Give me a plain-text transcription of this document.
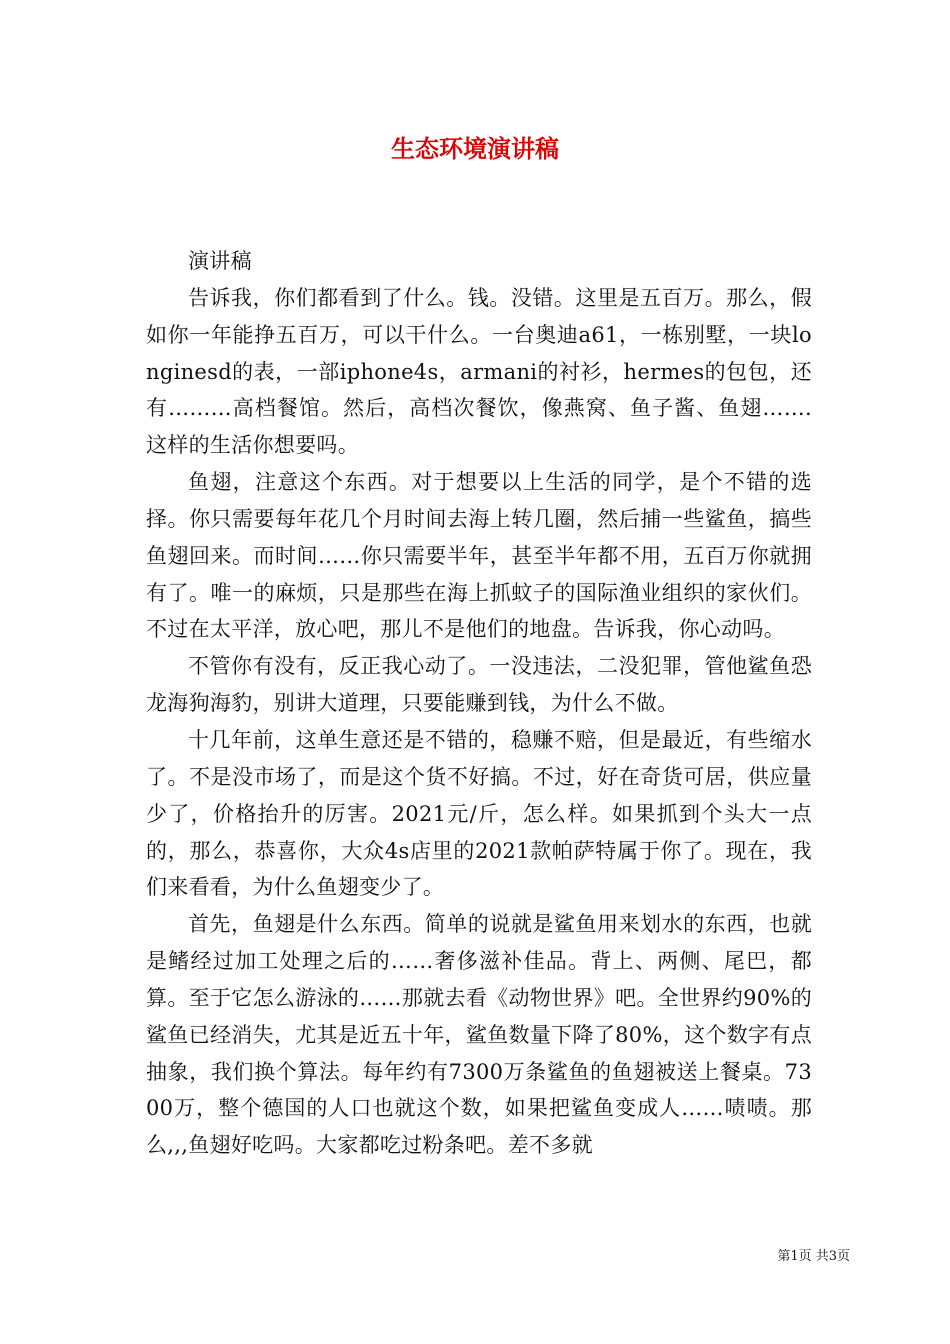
生态环境演讲稿

演讲稿

告诉我，你们都看到了什么。钱。没错。这里是五百万。那么，假如你一年能挣五百万，可以干什么。一台奥迪a61，一栋别墅，一块longinesd的表，一部iphone4s，armani的衬衫，hermes的包包，还有………高档餐馆。然后，高档次餐饮，像燕窝、鱼子酱、鱼翅…….这样的生活你想要吗。

鱼翅，注意这个东西。对于想要以上生活的同学，是个不错的选择。你只需要每年花几个月时间去海上转几圈，然后捕一些鲨鱼，搞些鱼翅回来。而时间……你只需要半年，甚至半年都不用，五百万你就拥有了。唯一的麻烦，只是那些在海上抓蚊子的国际渔业组织的家伙们。不过在太平洋，放心吧，那儿不是他们的地盘。告诉我，你心动吗。

不管你有没有，反正我心动了。一没违法，二没犯罪，管他鲨鱼恐龙海狗海豹，别讲大道理，只要能赚到钱，为什么不做。

十几年前，这单生意还是不错的，稳赚不赔，但是最近，有些缩水了。不是没市场了，而是这个货不好搞。不过，好在奇货可居，供应量少了，价格抬升的厉害。2021元/斤，怎么样。如果抓到个头大一点的，那么，恭喜你，大众4s店里的2021款帕萨特属于你了。现在，我们来看看，为什么鱼翅变少了。

首先，鱼翅是什么东西。简单的说就是鲨鱼用来划水的东西，也就是鳍经过加工处理之后的……奢侈滋补佳品。背上、两侧、尾巴，都算。至于它怎么游泳的……那就去看《动物世界》吧。全世界约90%的鲨鱼已经消失，尤其是近五十年，鲨鱼数量下降了80%，这个数字有点抽象，我们换个算法。每年约有7300万条鲨鱼的鱼翅被送上餐桌。7300万，整个德国的人口也就这个数，如果把鲨鱼变成人……啧啧。那么,,,鱼翅好吃吗。大家都吃过粉条吧。差不多就

第1页 共3页
